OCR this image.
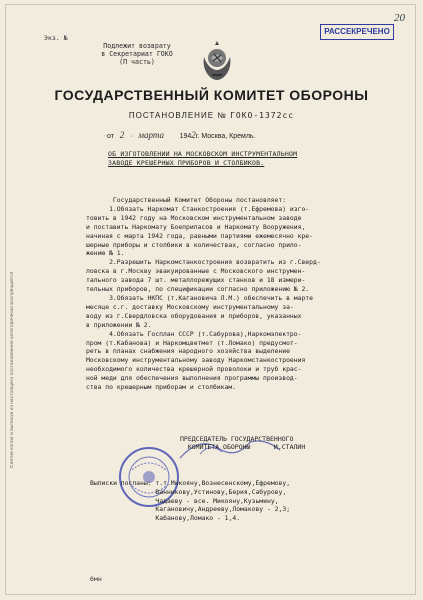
20
РАССЕКРЕЧЕНО
Экз. №
Подлежит возврату
в Секретариат ГОКО
(П часть)
ГОСУДАРСТВЕННЫЙ КОМИТЕТ ОБОРОНЫ
ПОСТАНОВЛЕНИЕ № ГОКО-1372сс
от 2   ·   марта 1942г. Москва, Кремль.
ОБ ИЗГОТОВЛЕНИИ НА МОСКОВСКОМ ИНСТРУМЕНТАЛЬНОМ
ЗАВОДЕ КРЕШЕРНЫХ ПРИБОРОВ И СТОЛБИКОВ.
Государственный Комитет Обороны постановляет:
1.Обязать Наркомат Станкостроения (т.Ефремова) изго-
товить в 1942 году на Московском инструментальном заводе
и поставить Наркомату Боеприпасов и Наркомату Вооружения,
начиная с марта 1942 года, равными партиями ежемесячно кре-
шерные приборы и столбики в количествах, согласно прило-
жению № 1.
2.Разрешить Наркомстанкостроения возвратить из г.Сверд-
ловска в г.Москву эвакуированные с Московского инструмен-
тального завода 7 шт. металлорежущих станков и 18 измери-
тельных приборов, по спецификации согласно приложению № 2.
3.Обязать НКПС (т.Кагановича Л.М.) обеспечить в марте
месяце с.г. доставку Московскому инструментальному за-
воду из г.Свердловска оборудования и приборов, указанных
в приложении № 2.
4.Обязать Госплан СССР (т.Сабурова),Наркомэлектро-
пром (т.Кабанова) и Наркомцветмет (т.Ломако) предусмот-
реть в планах снабжения народного хозяйства выделение
Московскому инструментальному заводу Наркомстанкостроения
необходимого количества крешерной проволоки и труб крас-
ной меди для обеспечения выполнения программы производ-
ства по крешерным приборам и столбикам.
ПРЕДСЕДАТЕЛЬ ГОСУДАРСТВЕННОГО
КОМИТЕТА ОБОРОНЫ      И.СТАЛИН
Выписки посланы: т.т.Микояну,Вознесенскому,Ефремову,
Ванникову,Устинову,Берия,Сабурову,
Чадаеву - все. Микояну,Кузьмину,
Кагановичу,Андрееву,Ломакову - 2,3;
Кабанову,Ломако - 1,4.
бмн
Снятие копии и выписки из настоящего постановления категорически воспрещается
